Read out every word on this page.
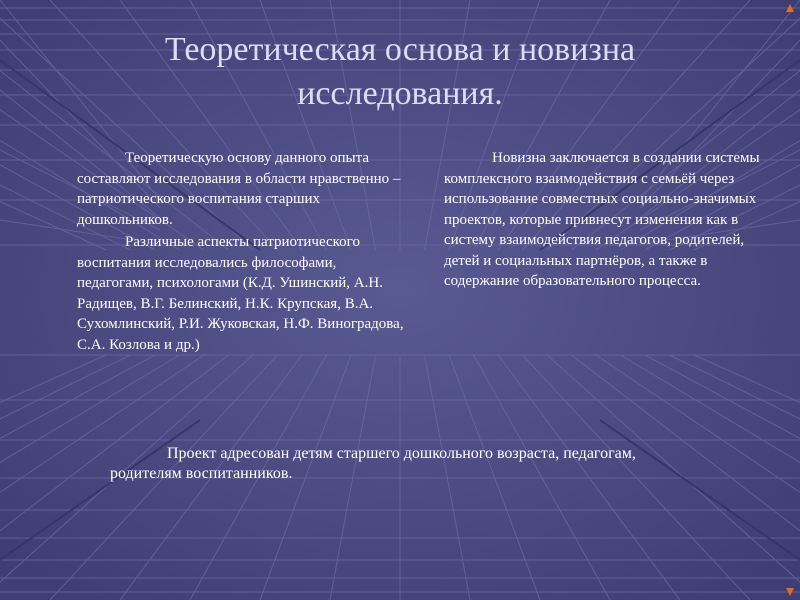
Теоретическая основа и новизна исследования.

Теоретическую основу данного опыта составляют исследования в области нравственно – патриотического воспитания старших дошкольников.

Различные аспекты патриотического воспитания исследовались философами, педагогами, психологами (К.Д. Ушинский, А.Н. Радищев, В.Г. Белинский, Н.К. Крупская, В.А. Сухомлинский, Р.И. Жуковская, Н.Ф. Виноградова, С.А. Козлова и др.)

Новизна заключается в создании системы комплексного взаимодействия с семьёй через использование совместных социально-значимых проектов, которые привнесут изменения как в систему взаимодействия педагогов, родителей, детей и социальных партнёров, а также в содержание образовательного процесса.

Проект адресован детям старшего дошкольного возраста, педагогам, родителям воспитанников.
